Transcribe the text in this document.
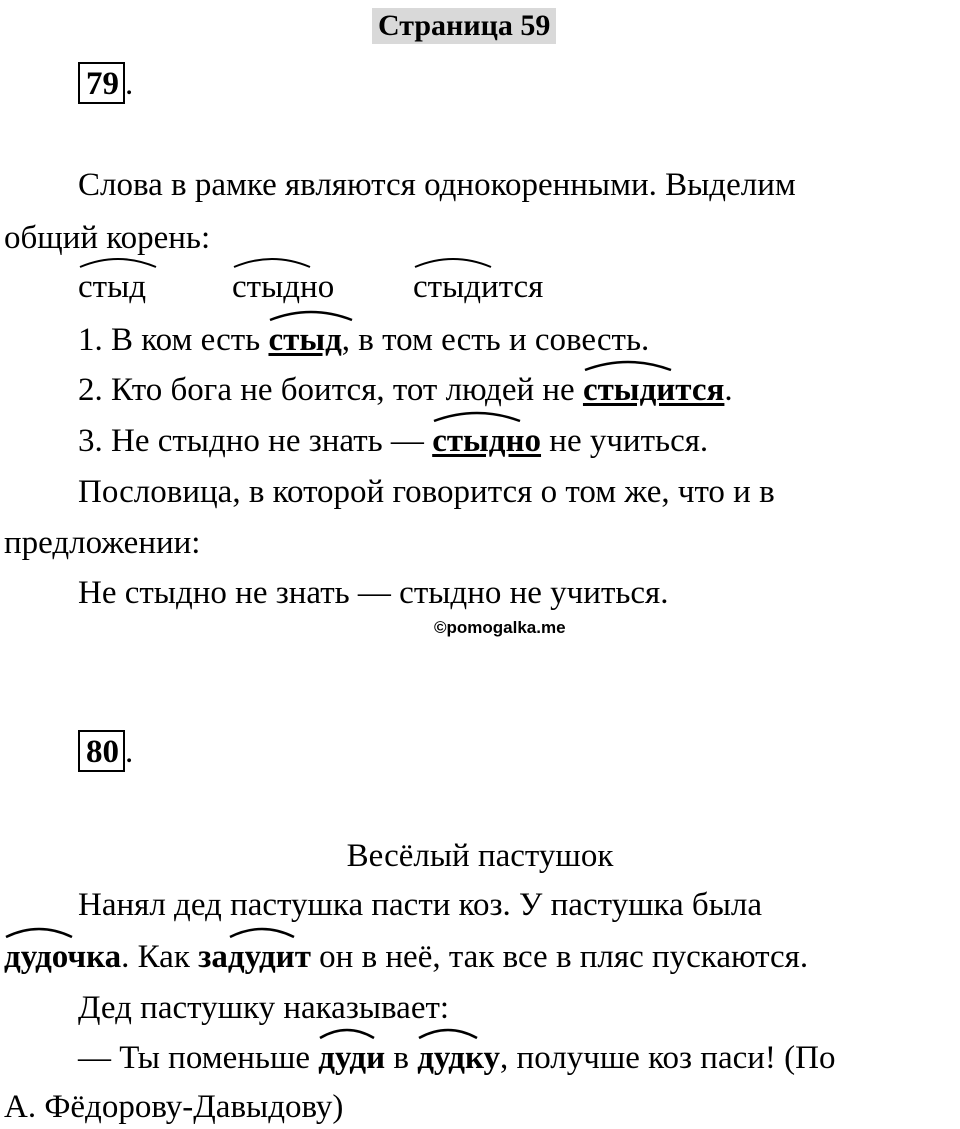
Страница 59
79 .
Слова в рамке являются однокоренными. Выделим
общий корень:
стыд	стыдно стыдится
1. В ком есть
стыд, в том есть и совесть.
2. Кто бога не боится, тот людей не
стыдится.
3. Не стыдно не знать —
стыдно не учиться.
Пословица, в которой говорится о том же, что и в
предложении:
Не стыдно не знать — стыдно не учиться.
©pomogalka.me
80 .
Весёлый пастушок
Нанял дед пастушка пасти коз. У пастушка была
дудочка. Как
задудит он в неё, так все в пляс пускаются.
Дед пастушку наказывает:
— Ты поменьше
дуди в
дудку, получше коз паси! (По
А. Фёдорову-Давыдову)
